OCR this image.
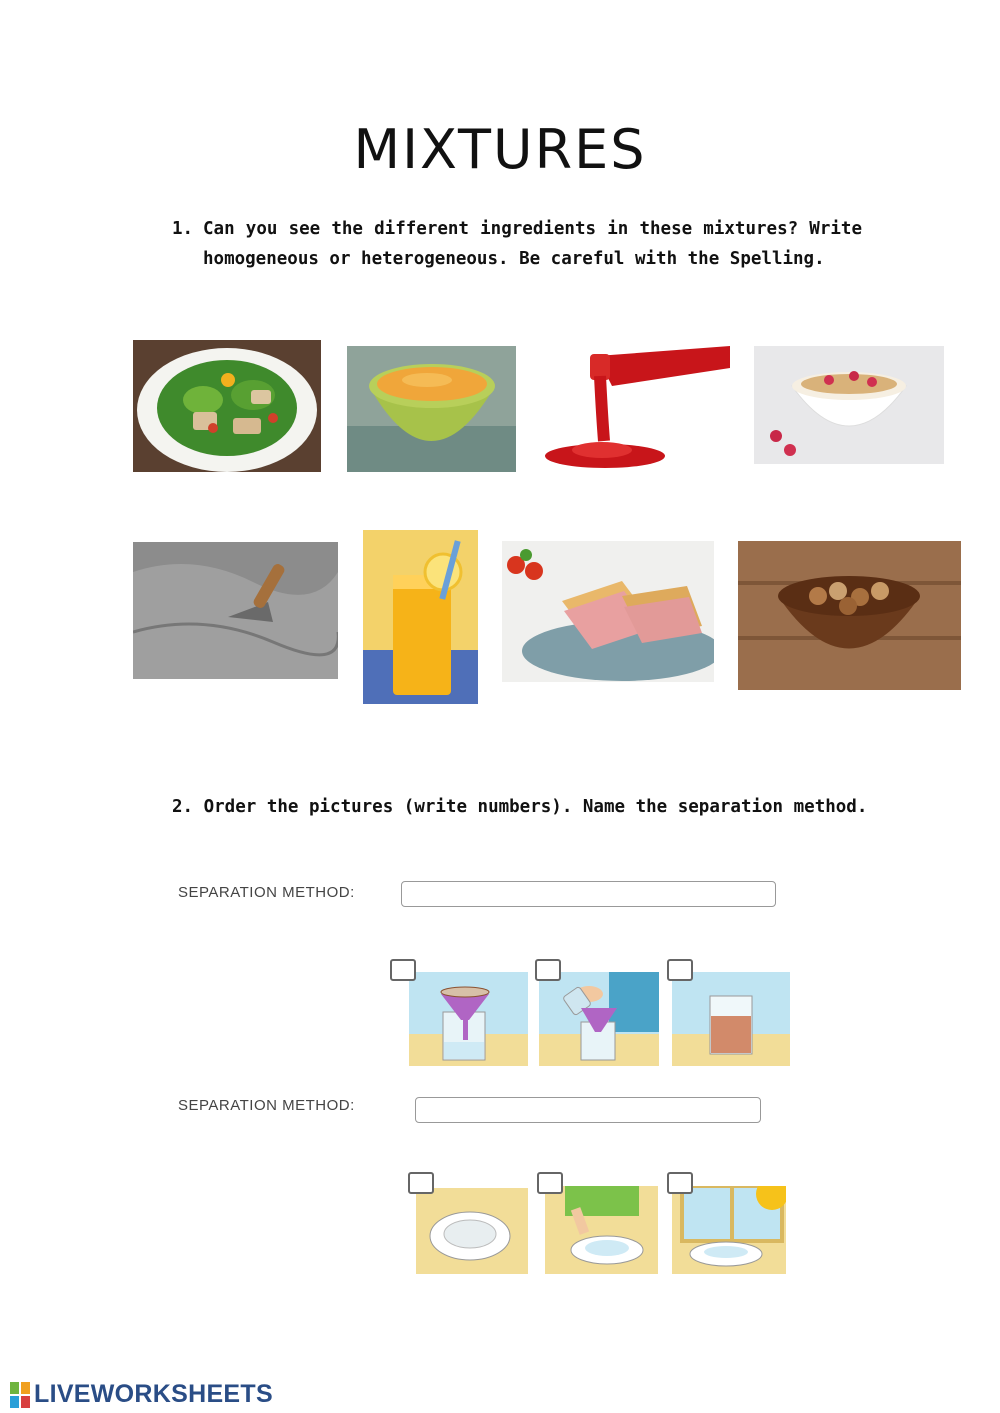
MIXTURES
1. Can you see the different ingredients in these mixtures? Write homogeneous or heterogeneous. Be careful with the Spelling.
2. Order the pictures (write numbers). Name the separation method.
SEPARATION METHOD:
SEPARATION METHOD:
LIVEWORKSHEETS
